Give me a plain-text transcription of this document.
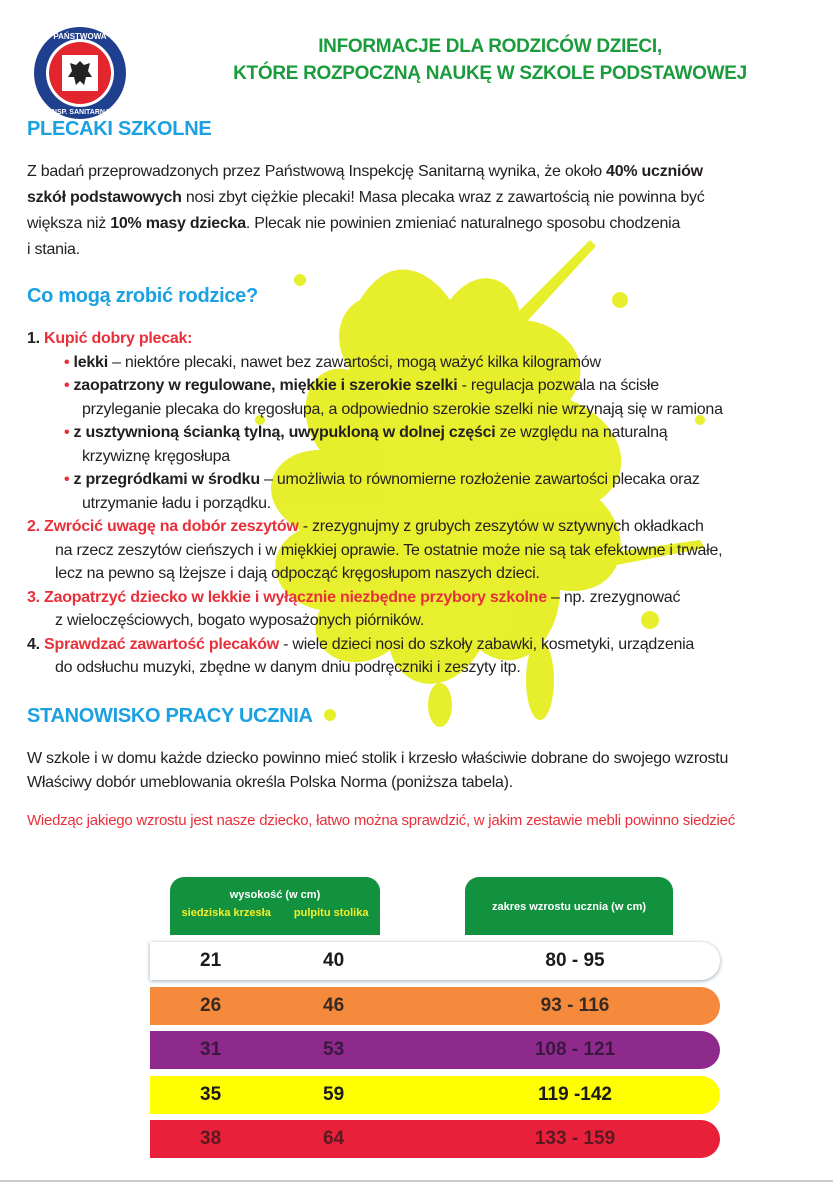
PAŃSTWOWA
INSP. SANITARNA
INFORMACJE DLA RODZICÓW DZIECI,
KTÓRE ROZPOCZNĄ NAUKĘ W SZKOLE PODSTAWOWEJ
PLECAKI SZKOLNE
Z badań przeprowadzonych przez Państwową Inspekcję Sanitarną wynika, że około 40% uczniów
szkół podstawowych nosi zbyt ciężkie plecaki! Masa plecaka wraz z zawartością nie powinna być
większa niż 10% masy dziecka. Plecak nie powinien zmieniać naturalnego sposobu chodzenia
i stania.
Co mogą zrobić rodzice?
1. Kupić dobry plecak:
• lekki – niektóre plecaki, nawet bez zawartości, mogą ważyć kilka kilogramów
• zaopatrzony w regulowane, miękkie i szerokie szelki - regulacja pozwala na ścisłe
przyleganie plecaka do kręgosłupa, a odpowiednio szerokie szelki nie wrzynają się w ramiona
• z usztywnioną ścianką tylną, uwypukloną w dolnej części ze względu na naturalną
krzywiznę kręgosłupa
• z przegródkami w środku – umożliwia to równomierne rozłożenie zawartości plecaka oraz
utrzymanie ładu i porządku.
2. Zwrócić uwagę na dobór zeszytów - zrezygnujmy z grubych zeszytów w sztywnych okładkach
na rzecz zeszytów cieńszych i w miękkiej oprawie. Te ostatnie może nie są tak efektowne i trwałe,
lecz na pewno są lżejsze i dają odpocząć kręgosłupom naszych dzieci.
3. Zaopatrzyć dziecko w lekkie i wyłącznie niezbędne przybory szkolne – np. zrezygnować
z wieloczęściowych, bogato wyposażonych piórników.
4. Sprawdzać zawartość plecaków - wiele dzieci nosi do szkoły zabawki, kosmetyki, urządzenia
do odsłuchu muzyki, zbędne w danym dniu podręczniki i zeszyty itp.
STANOWISKO PRACY UCZNIA
W szkole i w domu każde dziecko powinno mieć stolik i krzesło właściwie dobrane do swojego wzrostu
Właściwy dobór umeblowania określa Polska Norma (poniższa tabela).
Wiedząc jakiego wzrostu jest nasze dziecko, łatwo można sprawdzić, w jakim zestawie mebli powinno siedzieć
wysokość (w cm)
siedziska krzesła pulpitu stolika	zakres wzrostu ucznia (w cm)
21	40	80 - 95
26	46	93 - 116
31	53	108 - 121
35	59	119 -142
38	64	133 - 159
